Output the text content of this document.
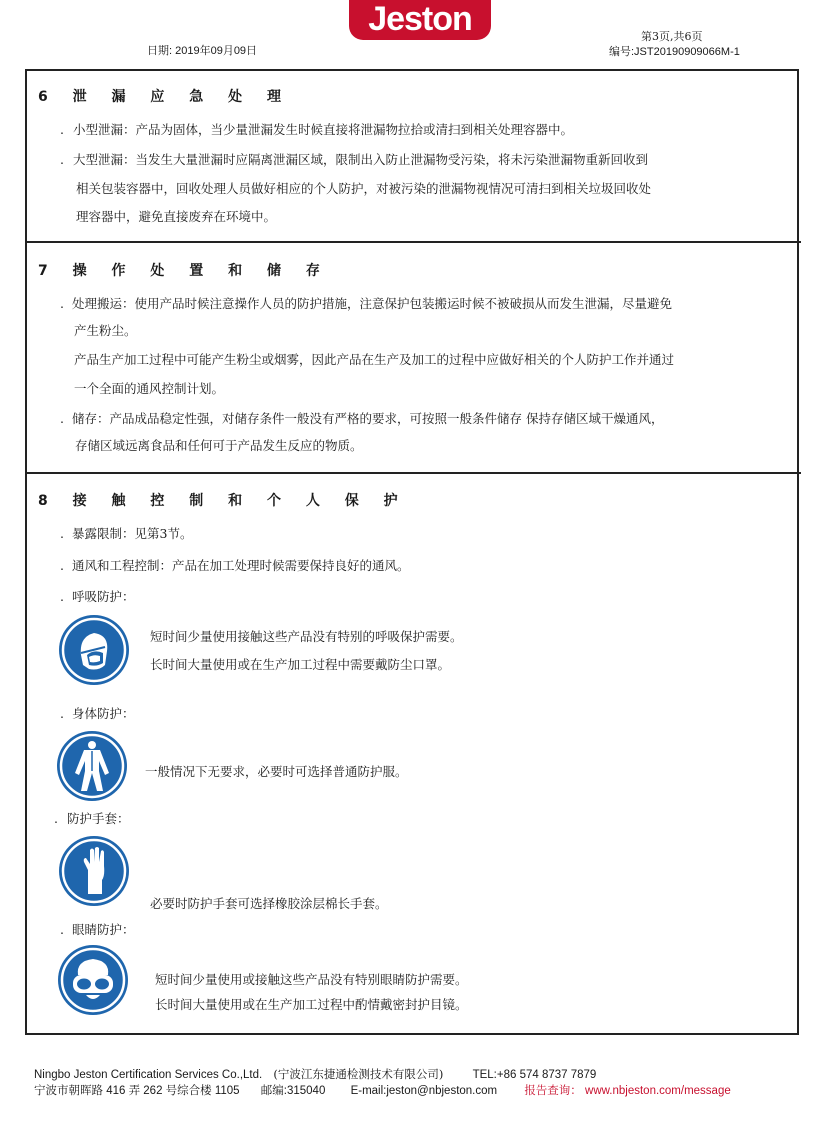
Jeston
日期: 2019年09月09日
第3页,共6页
编号:JST20190909066M-1
6 泄 漏 应 急 处 理
. 小型泄漏：产品为固体，当少量泄漏发生时候直接将泄漏物拉拾或清扫到相关处理容器中。
. 大型泄漏：当发生大量泄漏时应隔离泄漏区域，限制出入防止泄漏物受污染，将未污染泄漏物重新回收到
相关包装容器中，回收处理人员做好相应的个人防护，对被污染的泄漏物视情况可清扫到相关垃圾回收处
理容器中，避免直接废弃在环境中。
7 操 作 处 置 和 储 存
. 处理搬运：使用产品时候注意操作人员的防护措施，注意保护包装搬运时候不被破损从而发生泄漏，尽量避免
产生粉尘。
产品生产加工过程中可能产生粉尘或烟雾，因此产品在生产及加工的过程中应做好相关的个人防护工作并通过
一个全面的通风控制计划。
. 储存：产品成品稳定性强，对储存条件一般没有严格的要求，可按照一般条件储存 保持存储区域干燥通风，
存储区域远离食品和任何可于产品发生反应的物质。
8 接 触 控 制 和 个 人 保 护
. 暴露限制：见第3节。
. 通风和工程控制：产品在加工处理时候需要保持良好的通风。
. 呼吸防护：
短时间少量使用接触这些产品没有特别的呼吸保护需要。
长时间大量使用或在生产加工过程中需要戴防尘口罩。
. 身体防护：
一般情况下无要求，必要时可选择普通防护服。
. 防护手套：
必要时防护手套可选择橡胶涂层棉长手套。
. 眼睛防护：
短时间少量使用或接触这些产品没有特别眼睛防护需要。
长时间大量使用或在生产加工过程中酌情戴密封护目镜。
Ningbo Jeston Certification Services Co.,Ltd. (宁波江东捷通检测技术有限公司)	TEL:+86 574 8737 7879
宁波市朝晖路 416 弄 262 号综合楼 1105 邮编:315040 E-mail:jeston@nbjeston.com 报告查询： www.nbjeston.com/message
